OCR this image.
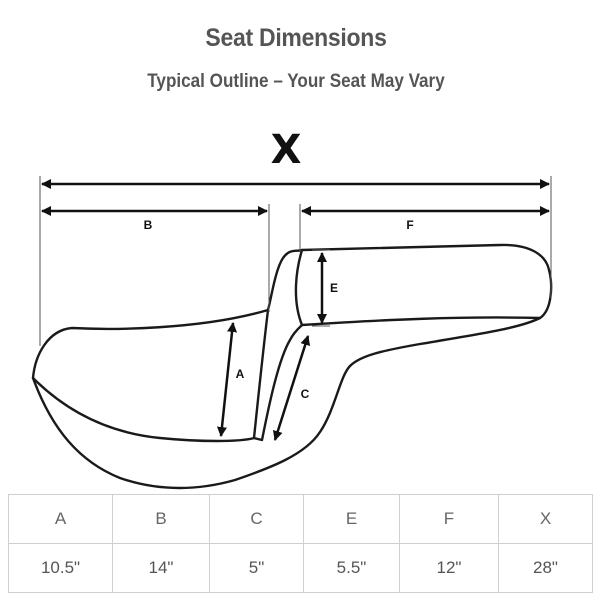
Seat Dimensions
Typical Outline – Your Seat May Vary
X
B	F
E
A
C
A	B	C	E	F	X
10.5"	14"	5"	5.5"	12"	28"
